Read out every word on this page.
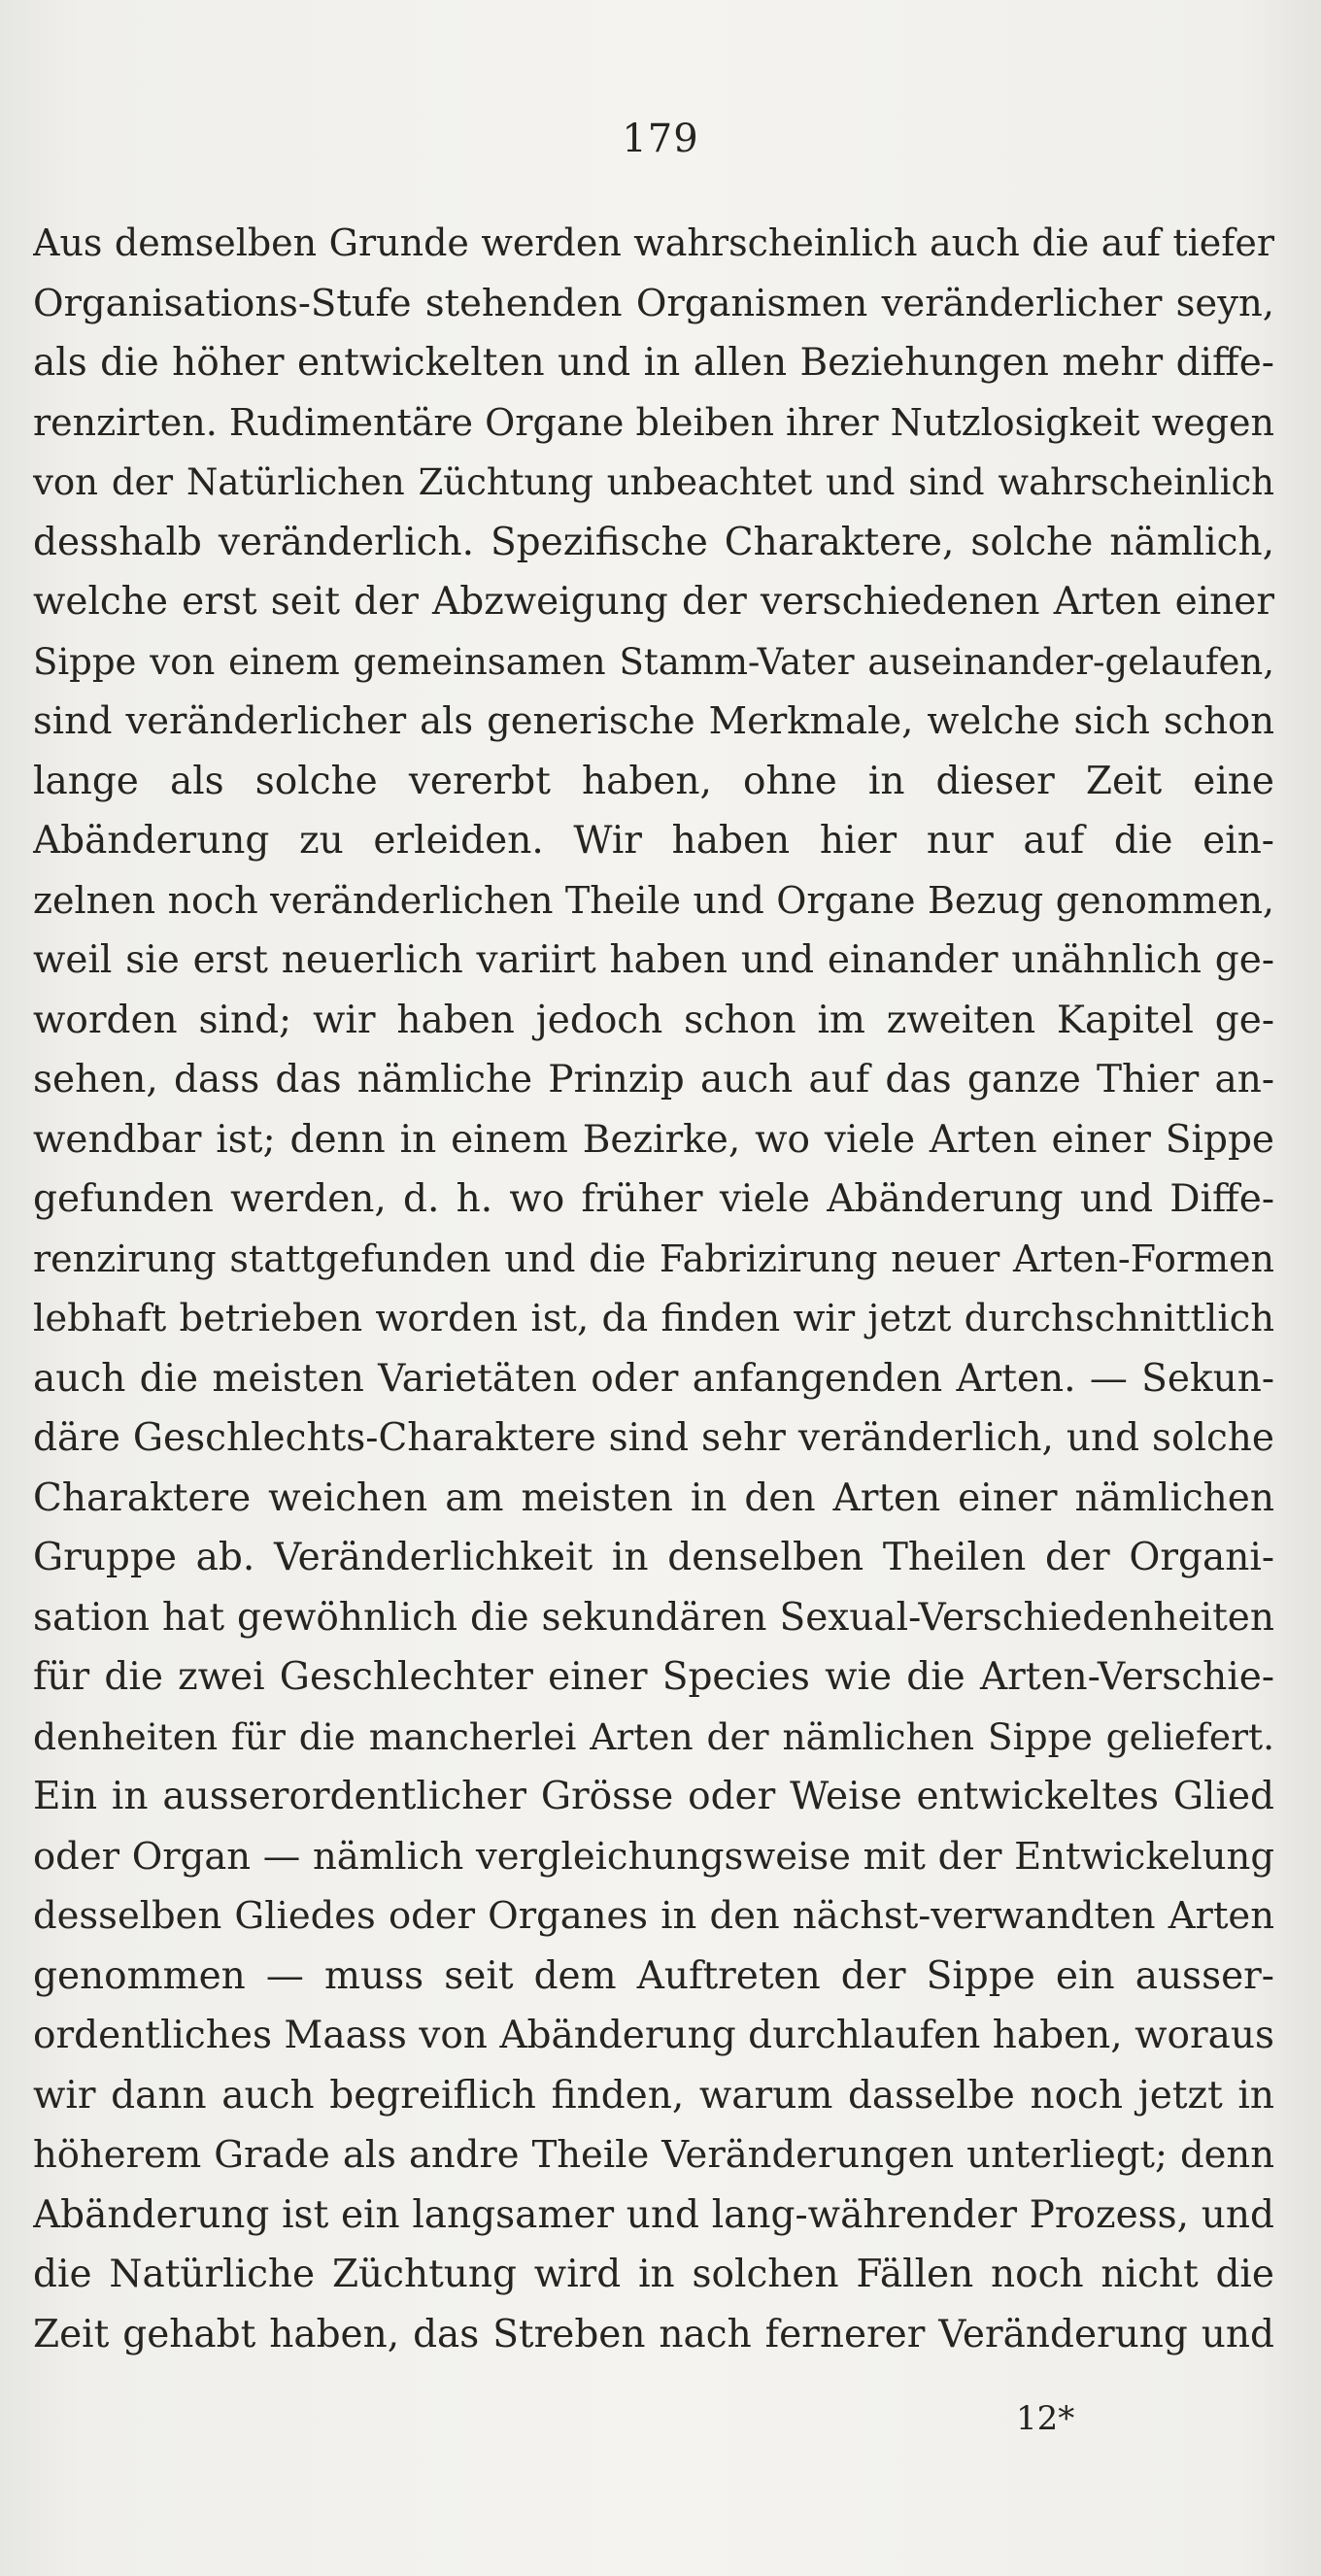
179
Aus demselben Grunde werden wahrscheinlich auch die auf tiefer
Organisations-Stufe stehenden Organismen veränderlicher seyn,
als die höher entwickelten und in allen Beziehungen mehr diffe-
renzirten. Rudimentäre Organe bleiben ihrer Nutzlosigkeit wegen
von der Natürlichen Züchtung unbeachtet und sind wahrscheinlich
desshalb veränderlich. Spezifische Charaktere, solche nämlich,
welche erst seit der Abzweigung der verschiedenen Arten einer
Sippe von einem gemeinsamen Stamm-Vater auseinander-gelaufen,
sind veränderlicher als generische Merkmale, welche sich schon
lange als solche vererbt haben, ohne in dieser Zeit eine
Abänderung zu erleiden. Wir haben hier nur auf die ein-
zelnen noch veränderlichen Theile und Organe Bezug genommen,
weil sie erst neuerlich variirt haben und einander unähnlich ge-
worden sind; wir haben jedoch schon im zweiten Kapitel ge-
sehen, dass das nämliche Prinzip auch auf das ganze Thier an-
wendbar ist; denn in einem Bezirke, wo viele Arten einer Sippe
gefunden werden, d. h. wo früher viele Abänderung und Diffe-
renzirung stattgefunden und die Fabrizirung neuer Arten-Formen
lebhaft betrieben worden ist, da finden wir jetzt durchschnittlich
auch die meisten Varietäten oder anfangenden Arten. — Sekun-
däre Geschlechts-Charaktere sind sehr veränderlich, und solche
Charaktere weichen am meisten in den Arten einer nämlichen
Gruppe ab. Veränderlichkeit in denselben Theilen der Organi-
sation hat gewöhnlich die sekundären Sexual-Verschiedenheiten
für die zwei Geschlechter einer Species wie die Arten-Verschie-
denheiten für die mancherlei Arten der nämlichen Sippe geliefert.
Ein in ausserordentlicher Grösse oder Weise entwickeltes Glied
oder Organ — nämlich vergleichungsweise mit der Entwickelung
desselben Gliedes oder Organes in den nächst-verwandten Arten
genommen — muss seit dem Auftreten der Sippe ein ausser-
ordentliches Maass von Abänderung durchlaufen haben, woraus
wir dann auch begreiflich finden, warum dasselbe noch jetzt in
höherem Grade als andre Theile Veränderungen unterliegt; denn
Abänderung ist ein langsamer und lang-währender Prozess, und
die Natürliche Züchtung wird in solchen Fällen noch nicht die
Zeit gehabt haben, das Streben nach fernerer Veränderung und
12*
